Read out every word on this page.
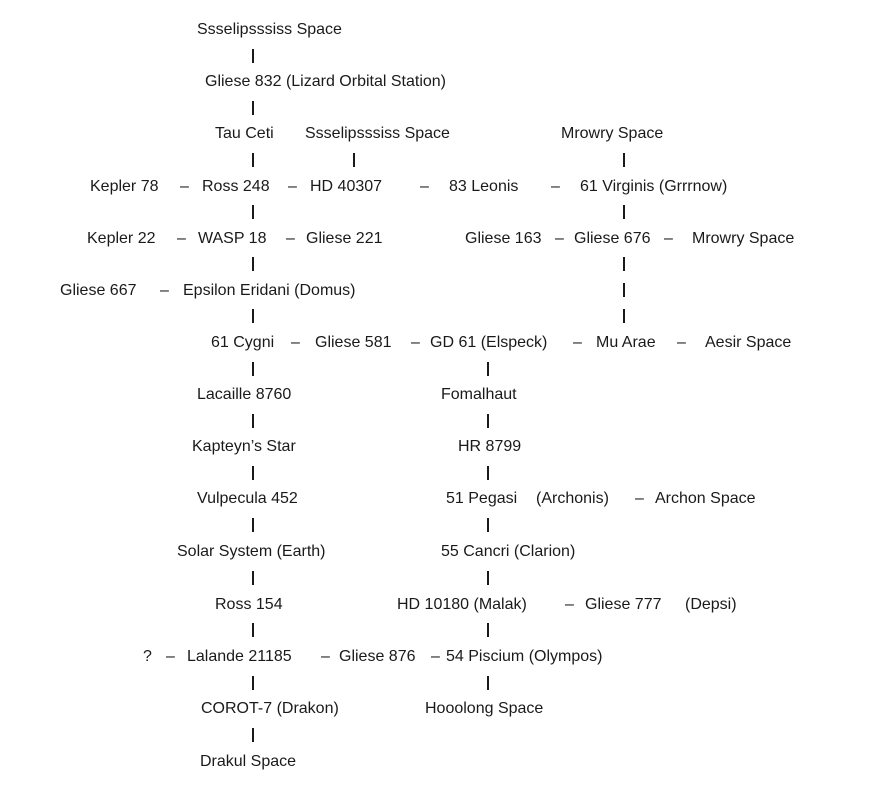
Ssselipsssiss Space
Gliese 832 (Lizard Orbital Station)
Tau Ceti Ssselipsssiss Space	Mrowry Space
Kepler 78 – Ross 248 – HD 40307 – 83 Leonis – 61 Virginis (Grrrnow)
Kepler 22 – WASP 18 – Gliese 221	Gliese 163 – Gliese 676 – Mrowry Space
Gliese 667 – Epsilon Eridani (Domus)
61 Cygni – Gliese 581 – GD 61 (Elspeck) – Mu Arae – Aesir Space
Lacaille 8760	Fomalhaut
Kapteyn’s Star	HR 8799
Vulpecula 452	51 Pegasi (Archonis) – Archon Space
Solar System (Earth)	55 Cancri (Clarion)
Ross 154	HD 10180 (Malak) – Gliese 777 (Depsi)
? – Lalande 21185 – Gliese 876 – 54 Piscium (Olympos)
COROT-7 (Drakon)	Hooolong Space
Drakul Space
